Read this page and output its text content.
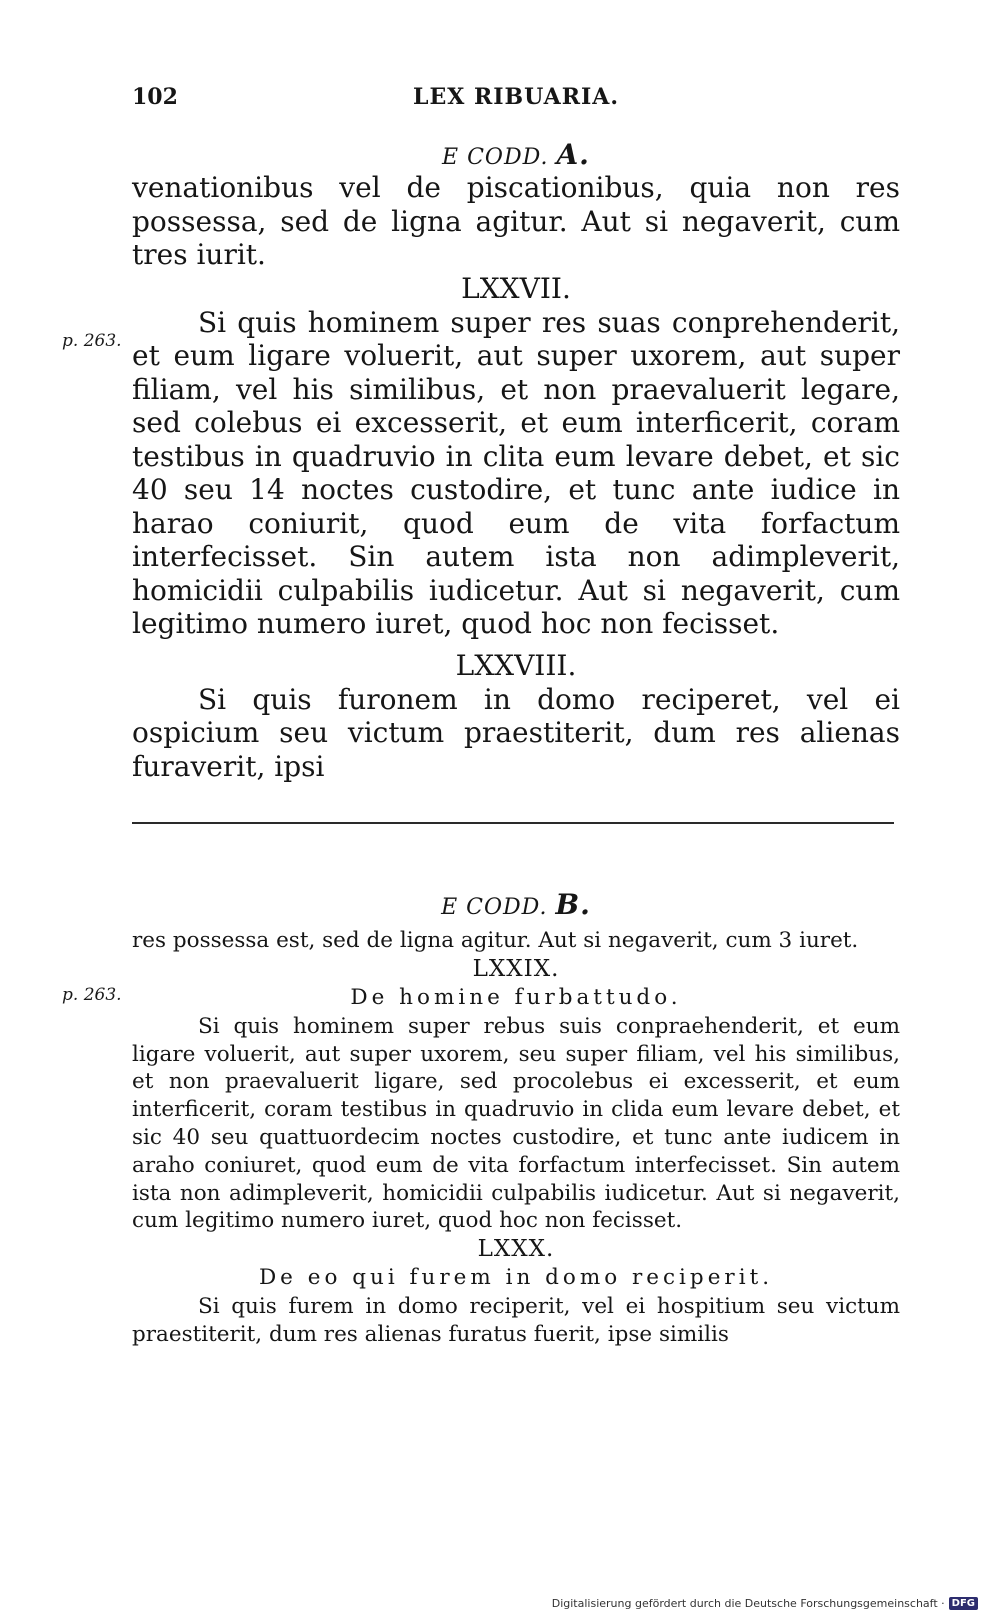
102	LEX RIBUARIA.
p. 263.

E CODD. A.

venationibus vel de piscationibus, quia non res possessa, sed de ligna agitur. Aut si negaverit, cum tres iurit.

LXXVII.

Si quis hominem super res suas conprehenderit, et eum ligare voluerit, aut super uxorem, aut super filiam, vel his similibus, et non praevaluerit legare, sed colebus ei excesserit, et eum interficerit, coram testibus in quadruvio in clita eum levare debet, et sic 40 seu 14 noctes custodire, et tunc ante iudice in harao coniurit, quod eum de vita forfactum interfecisset. Sin autem ista non adimpleverit, homicidii culpabilis iudicetur. Aut si negaverit, cum legitimo numero iuret, quod hoc non fecisset.

LXXVIII.

Si quis furonem in domo reciperet, vel ei ospicium seu victum praestiterit, dum res alienas furaverit, ipsi

p. 263.

E CODD. B.

res possessa est, sed de ligna agitur. Aut si negaverit, cum 3 iuret.

LXXIX.

De homine furbattudo.

Si quis hominem super rebus suis conpraehenderit, et eum ligare voluerit, aut super uxorem, seu super filiam, vel his similibus, et non praevaluerit ligare, sed procolebus ei excesserit, et eum interficerit, coram testibus in quadruvio in clida eum levare debet, et sic 40 seu quattuordecim noctes custodire, et tunc ante iudicem in araho coniuret, quod eum de vita forfactum interfecisset. Sin autem ista non adimpleverit, homicidii culpabilis iudicetur. Aut si negaverit, cum legitimo numero iuret, quod hoc non fecisset.

LXXX.

De eo qui furem in domo reciperit.

Si quis furem in domo reciperit, vel ei hospitium seu victum praestiterit, dum res alienas furatus fuerit, ipse similis

Digitalisierung gefördert durch die Deutsche Forschungsgemeinschaft · DFG
